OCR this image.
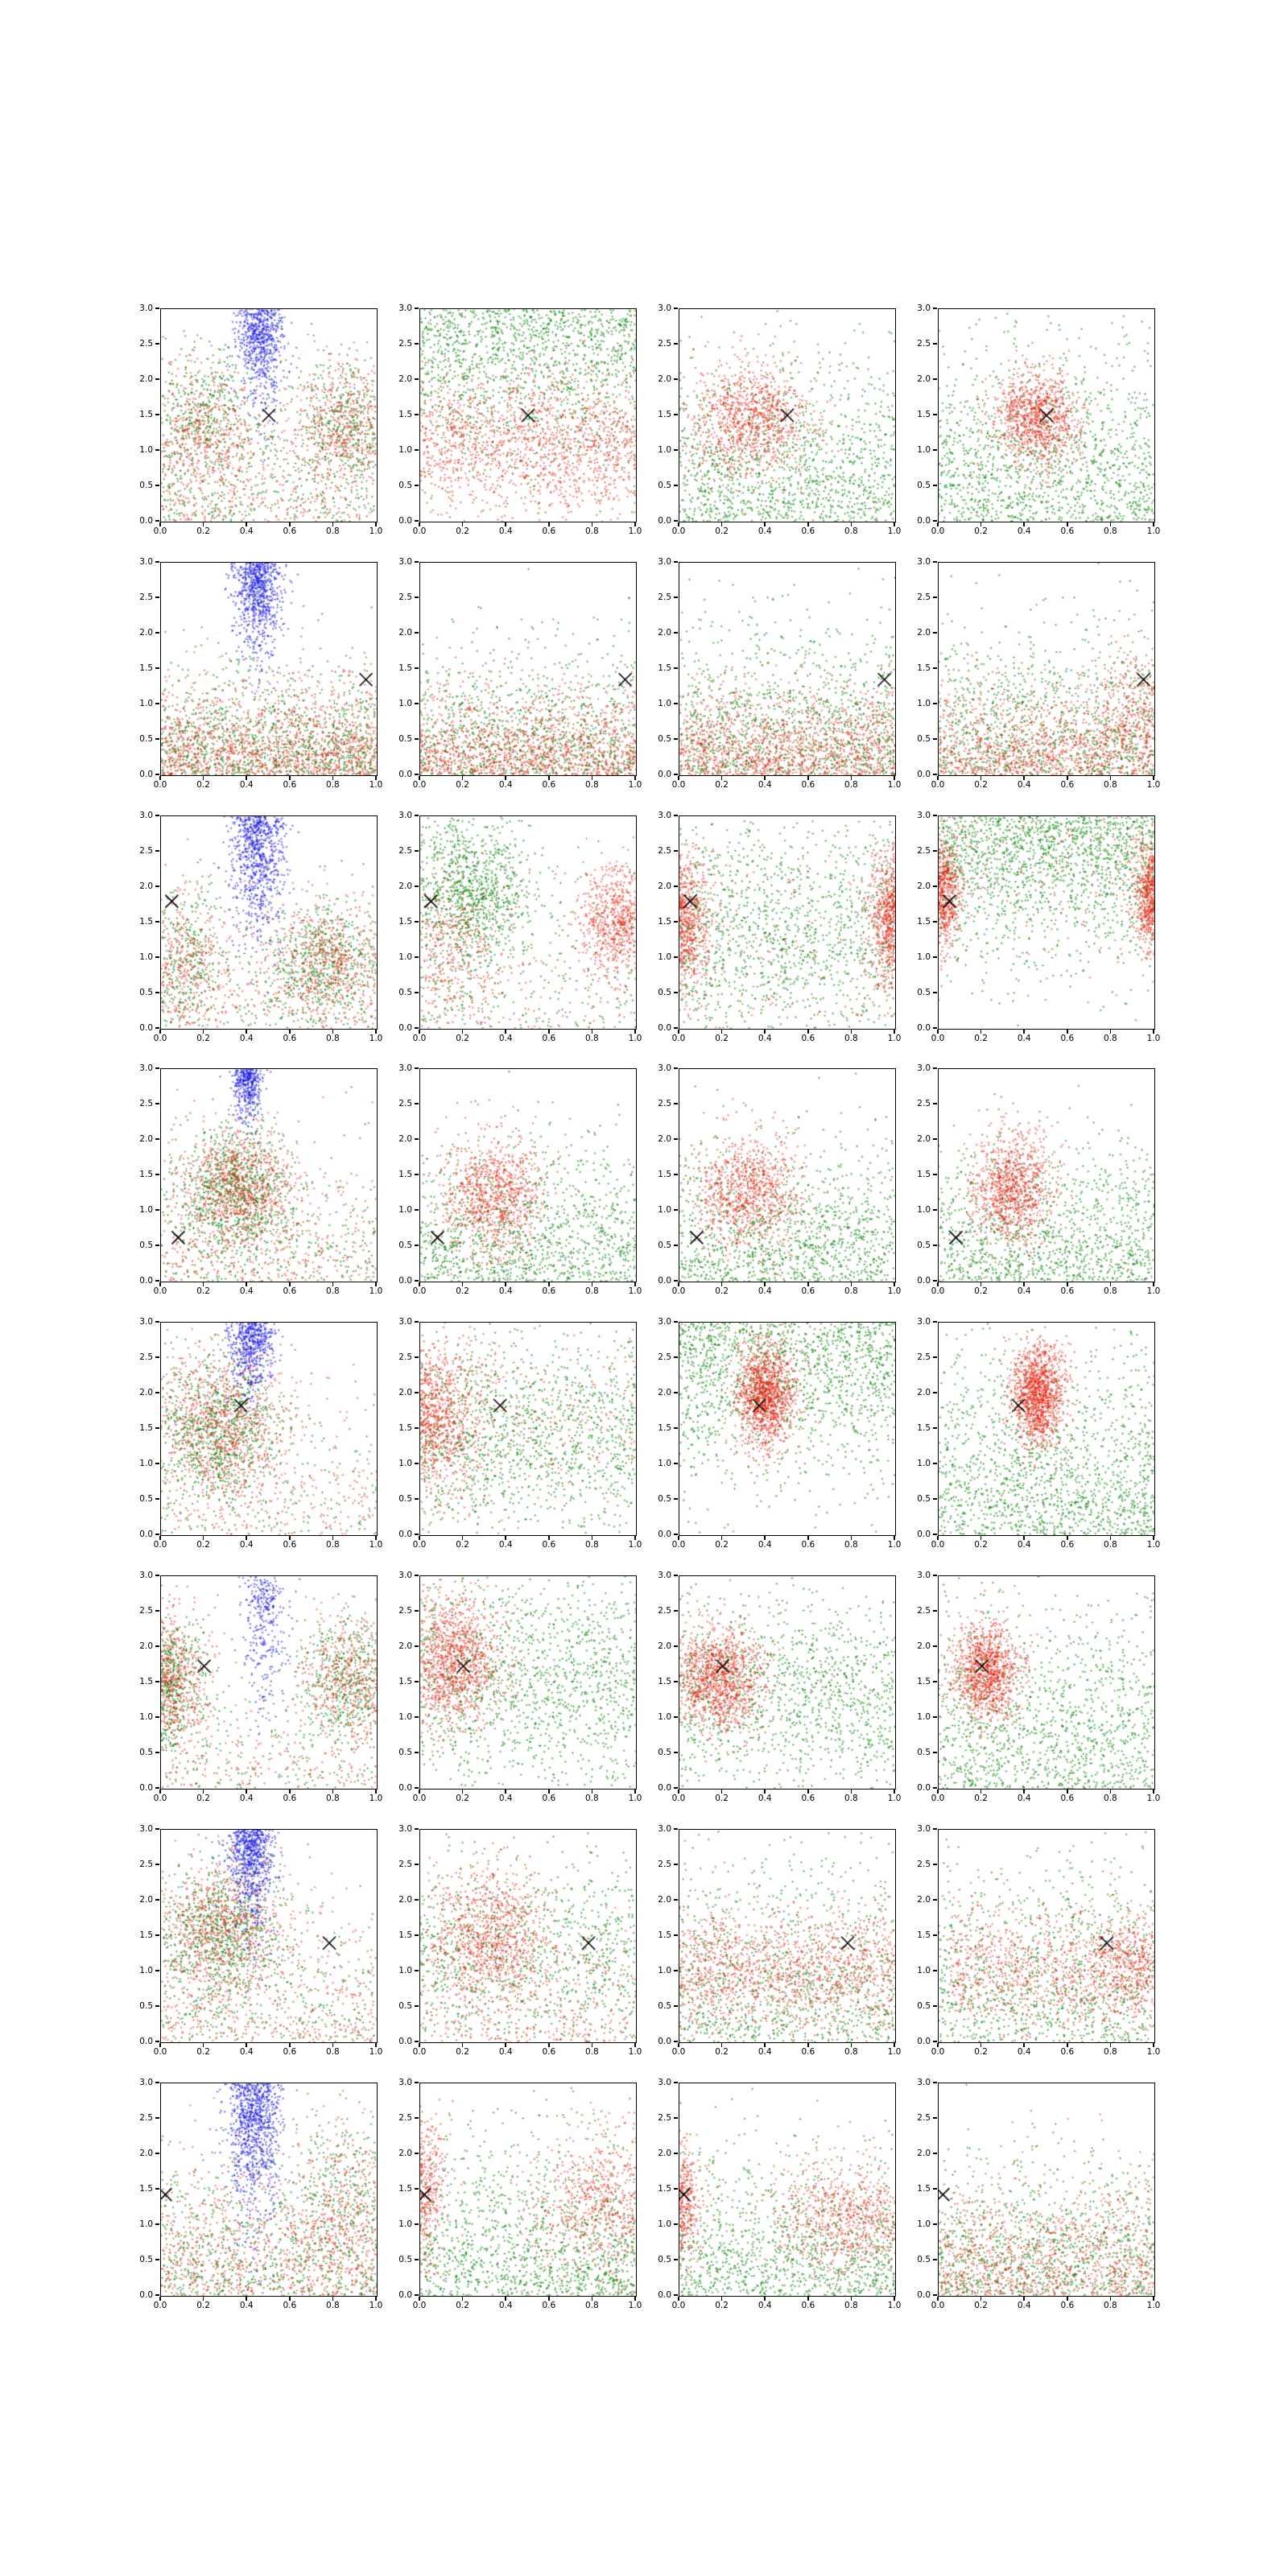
0.0	0.2	0.4	0.6	0.8	1.0
0.0
0.5
1.0
1.5
2.0
2.5
3.0
0.0	0.2	0.4	0.6	0.8	1.0
0.0
0.5
1.0
1.5
2.0
2.5
3.0
0.0	0.2	0.4	0.6	0.8	1.0
0.0
0.5
1.0
1.5
2.0
2.5
3.0
0.0	0.2	0.4	0.6	0.8	1.0
0.0
0.5
1.0
1.5
2.0
2.5
3.0
0.0	0.2	0.4	0.6	0.8	1.0
0.0
0.5
1.0
1.5
2.0
2.5
3.0
0.0	0.2	0.4	0.6	0.8	1.0
0.0
0.5
1.0
1.5
2.0
2.5
3.0
0.0	0.2	0.4	0.6	0.8	1.0
0.0
0.5
1.0
1.5
2.0
2.5
3.0
0.0	0.2	0.4	0.6	0.8	1.0
0.0
0.5
1.0
1.5
2.0
2.5
3.0
0.0	0.2	0.4	0.6	0.8	1.0
0.0
0.5
1.0
1.5
2.0
2.5
3.0
0.0	0.2	0.4	0.6	0.8	1.0
0.0
0.5
1.0
1.5
2.0
2.5
3.0
0.0	0.2	0.4	0.6	0.8	1.0
0.0
0.5
1.0
1.5
2.0
2.5
3.0
0.0	0.2	0.4	0.6	0.8	1.0
0.0
0.5
1.0
1.5
2.0
2.5
3.0
0.0	0.2	0.4	0.6	0.8	1.0
0.0
0.5
1.0
1.5
2.0
2.5
3.0
0.0	0.2	0.4	0.6	0.8	1.0
0.0
0.5
1.0
1.5
2.0
2.5
3.0
0.0	0.2	0.4	0.6	0.8	1.0
0.0
0.5
1.0
1.5
2.0
2.5
3.0
0.0	0.2	0.4	0.6	0.8	1.0
0.0
0.5
1.0
1.5
2.0
2.5
3.0
0.0	0.2	0.4	0.6	0.8	1.0
0.0
0.5
1.0
1.5
2.0
2.5
3.0
0.0	0.2	0.4	0.6	0.8	1.0
0.0
0.5
1.0
1.5
2.0
2.5
3.0
0.0	0.2	0.4	0.6	0.8	1.0
0.0
0.5
1.0
1.5
2.0
2.5
3.0
0.0	0.2	0.4	0.6	0.8	1.0
0.0
0.5
1.0
1.5
2.0
2.5
3.0
0.0	0.2	0.4	0.6	0.8	1.0
0.0
0.5
1.0
1.5
2.0
2.5
3.0
0.0	0.2	0.4	0.6	0.8	1.0
0.0
0.5
1.0
1.5
2.0
2.5
3.0
0.0	0.2	0.4	0.6	0.8	1.0
0.0
0.5
1.0
1.5
2.0
2.5
3.0
0.0	0.2	0.4	0.6	0.8	1.0
0.0
0.5
1.0
1.5
2.0
2.5
3.0
0.0	0.2	0.4	0.6	0.8	1.0
0.0
0.5
1.0
1.5
2.0
2.5
3.0
0.0	0.2	0.4	0.6	0.8	1.0
0.0
0.5
1.0
1.5
2.0
2.5
3.0
0.0	0.2	0.4	0.6	0.8	1.0
0.0
0.5
1.0
1.5
2.0
2.5
3.0
0.0	0.2	0.4	0.6	0.8	1.0
0.0
0.5
1.0
1.5
2.0
2.5
3.0
0.0	0.2	0.4	0.6	0.8	1.0
0.0
0.5
1.0
1.5
2.0
2.5
3.0
0.0	0.2	0.4	0.6	0.8	1.0
0.0
0.5
1.0
1.5
2.0
2.5
3.0
0.0	0.2	0.4	0.6	0.8	1.0
0.0
0.5
1.0
1.5
2.0
2.5
3.0
0.0	0.2	0.4	0.6	0.8	1.0
0.0
0.5
1.0
1.5
2.0
2.5
3.0
